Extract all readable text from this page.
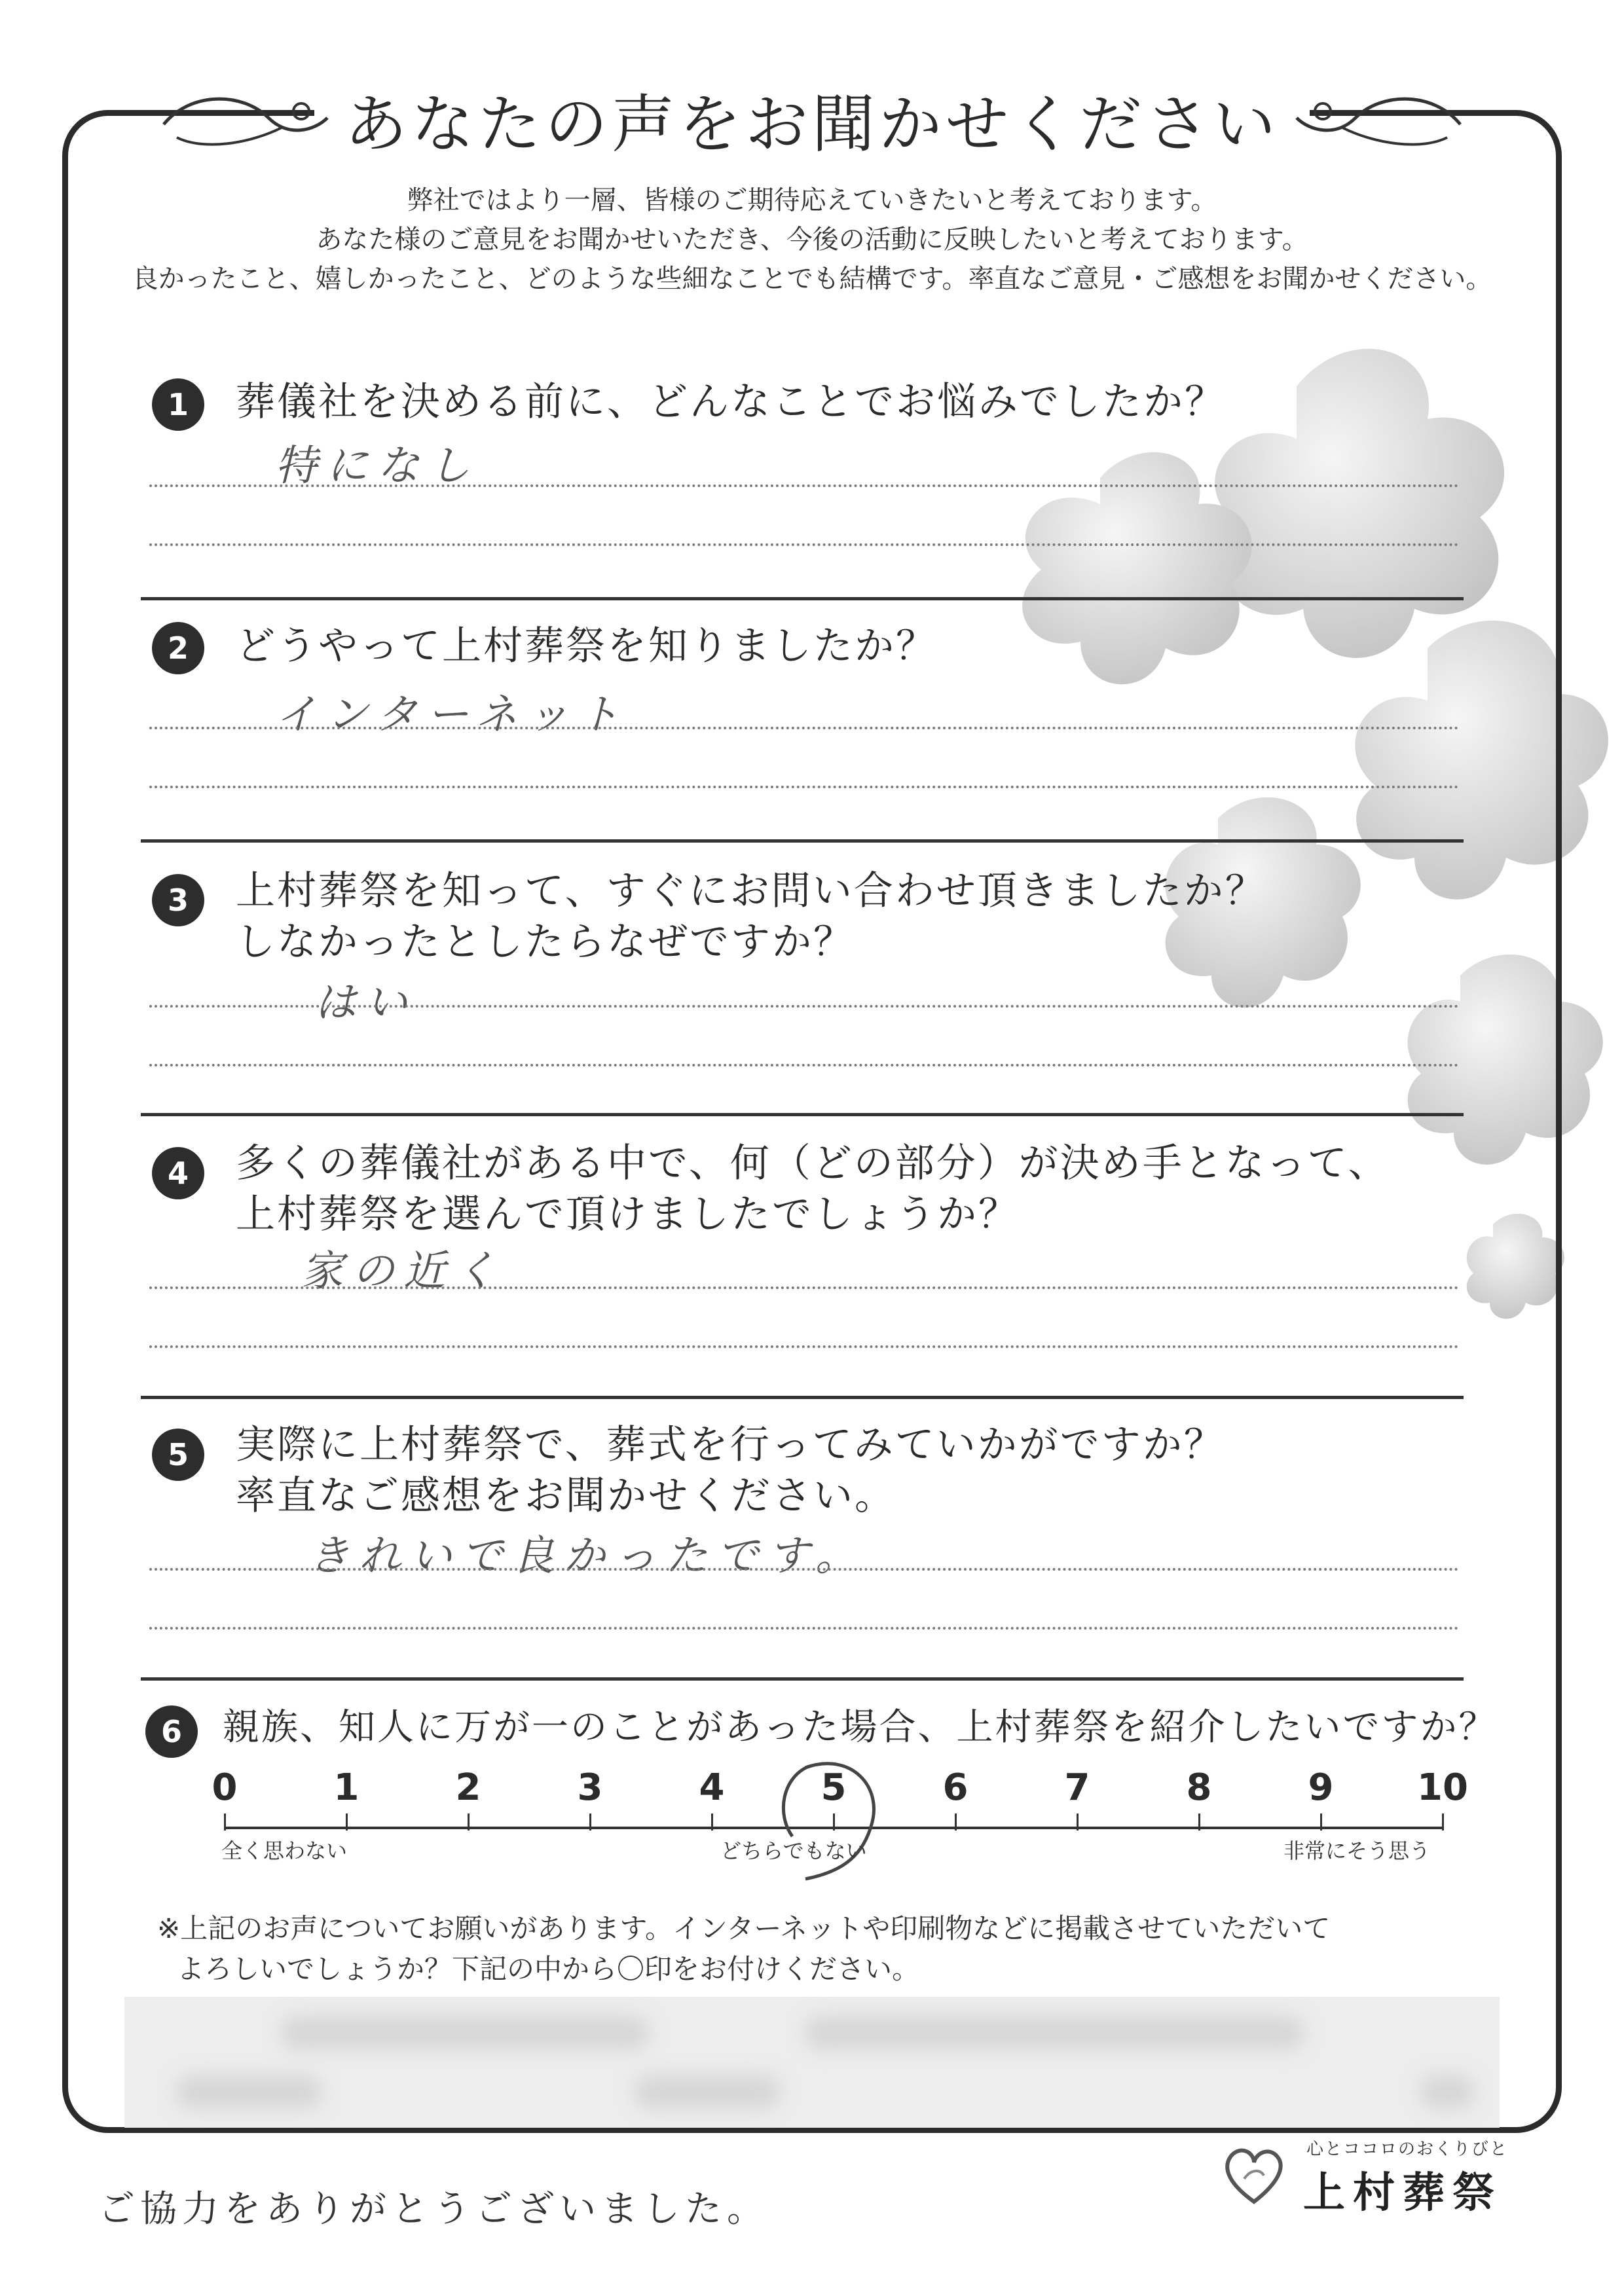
あなたの声をお聞かせください
弊社ではより一層、皆様のご期待応えていきたいと考えております。
あなた様のご意見をお聞かせいただき、今後の活動に反映したいと考えております。
良かったこと、嬉しかったこと、どのような些細なことでも結構です。率直なご意見・ご感想をお聞かせください。
1	葬儀社を決める前に、どんなことでお悩みでしたか？
特になし
2	どうやって上村葬祭を知りましたか？
インターネット
3	上村葬祭を知って、すぐにお問い合わせ頂きましたか？
しなかったとしたらなぜですか？
はい
4	多くの葬儀社がある中で、何（どの部分）が決め手となって、
上村葬祭を選んで頂けましたでしょうか？
家の近く
5	実際に上村葬祭で、葬式を行ってみていかがですか？
率直なご感想をお聞かせください。
きれいで良かったです。
6	親族、知人に万が一のことがあった場合、上村葬祭を紹介したいですか？
0	1	2	3	4	5	6	7	8	9	10
全く思わない	どちらでもない	非常にそう思う
※上記のお声についてお願いがあります。インターネットや印刷物などに掲載させていただいて
よろしいでしょうか？下記の中から〇印をお付けください。
ご協力をありがとうございました。
心とココロのおくりびと
上村葬祭
